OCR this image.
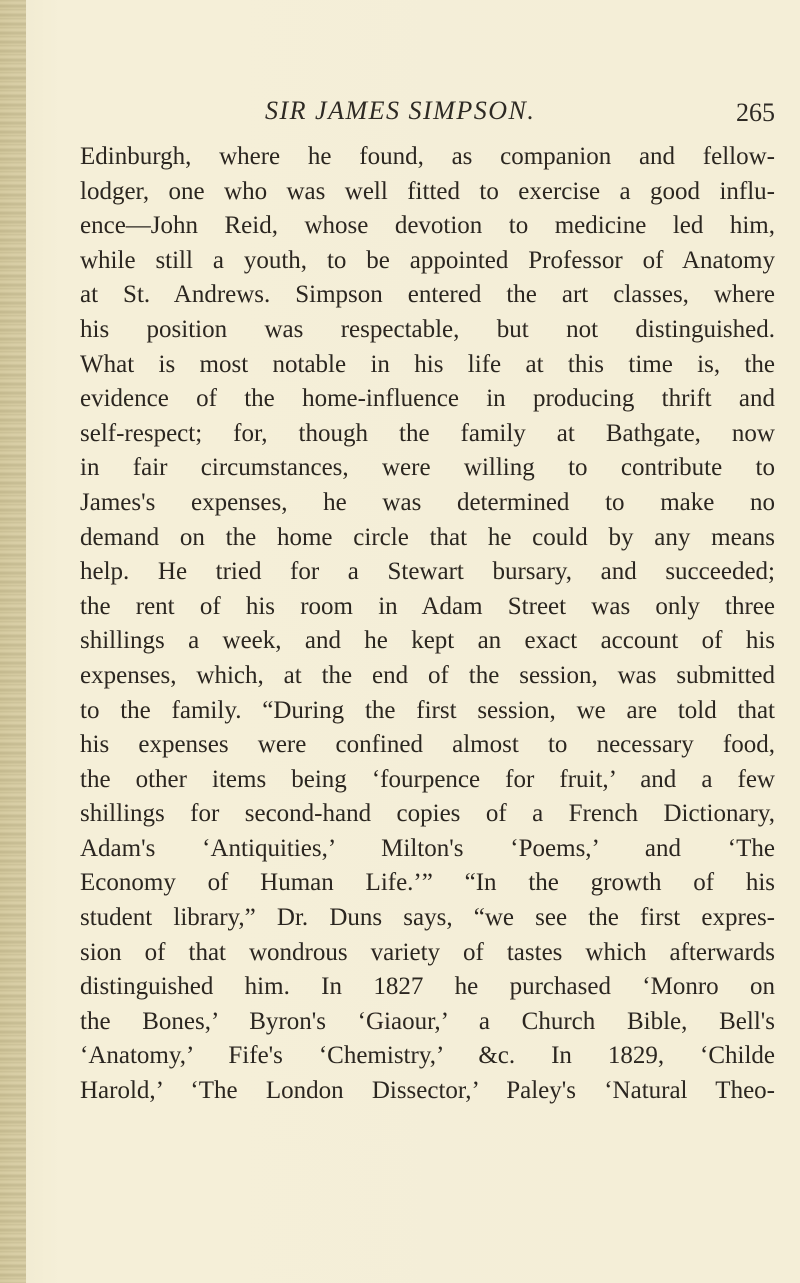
SIR JAMES SIMPSON.	265
Edinburgh, where he found, as companion and fellow-
lodger, one who was well fitted to exercise a good influ-
ence—John Reid, whose devotion to medicine led him,
while still a youth, to be appointed Professor of Anatomy
at St. Andrews. Simpson entered the art classes, where
his position was respectable, but not distinguished.
What is most notable in his life at this time is, the
evidence of the home-influence in producing thrift and
self-respect; for, though the family at Bathgate, now
in fair circumstances, were willing to contribute to
James's expenses, he was determined to make no
demand on the home circle that he could by any means
help. He tried for a Stewart bursary, and succeeded;
the rent of his room in Adam Street was only three
shillings a week, and he kept an exact account of his
expenses, which, at the end of the session, was submitted
to the family. “During the first session, we are told that
his expenses were confined almost to necessary food,
the other items being ‘fourpence for fruit,’ and a few
shillings for second-hand copies of a French Dictionary,
Adam's ‘Antiquities,’ Milton's ‘Poems,’ and ‘The
Economy of Human Life.’” “In the growth of his
student library,” Dr. Duns says, “we see the first expres-
sion of that wondrous variety of tastes which afterwards
distinguished him. In 1827 he purchased ‘Monro on
the Bones,’ Byron's ‘Giaour,’ a Church Bible, Bell's
‘Anatomy,’ Fife's ‘Chemistry,’ &c. In 1829, ‘Childe
Harold,’ ‘The London Dissector,’ Paley's ‘Natural Theo-
